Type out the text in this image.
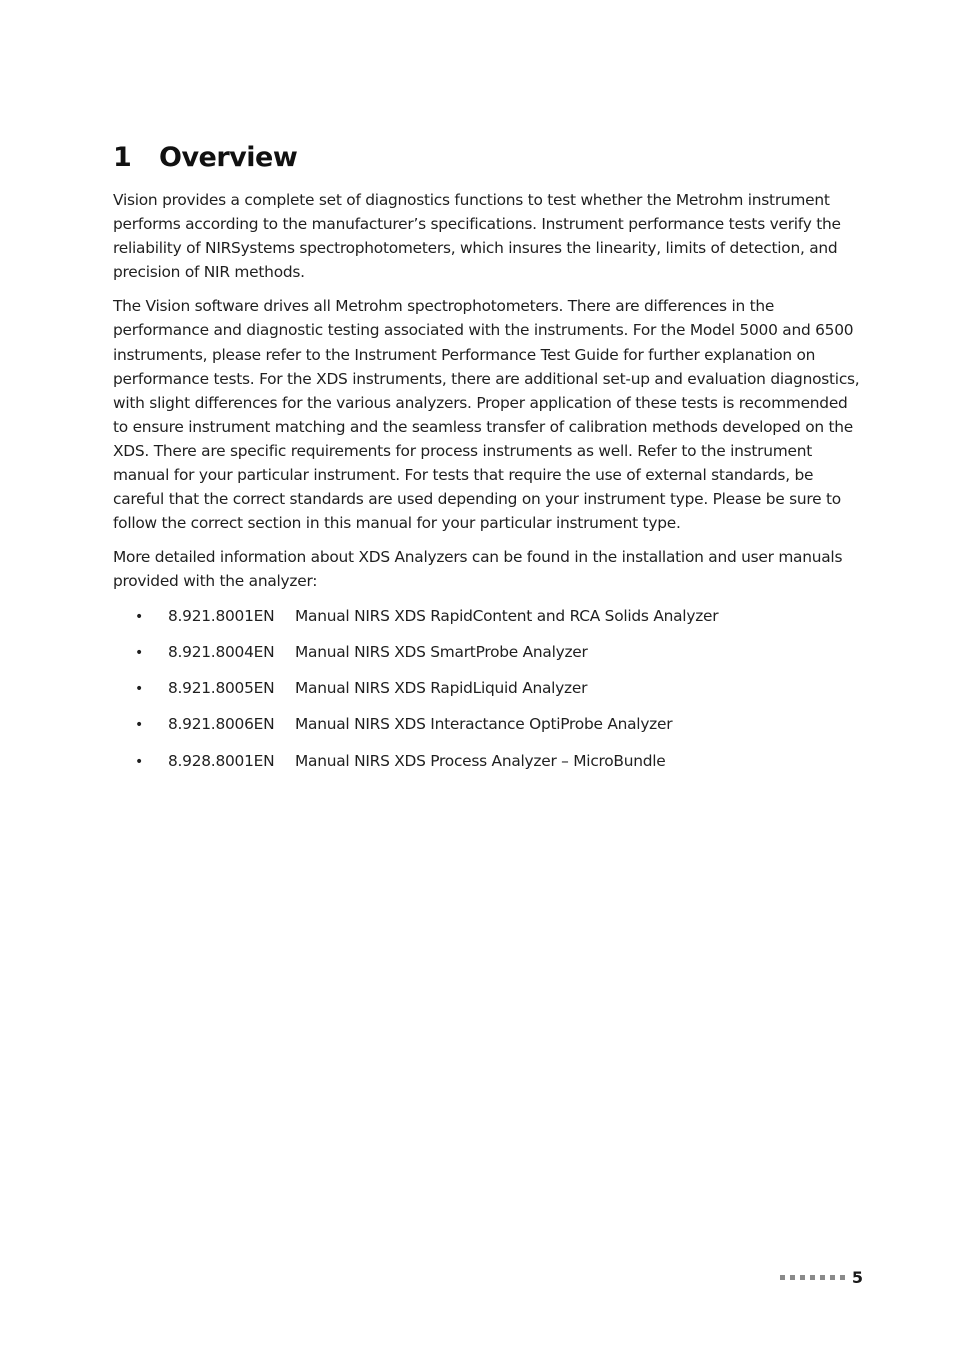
1	Overview

Vision provides a complete set of diagnostics functions to test whether the Metrohm instrument performs according to the manufacturer’s specifications. Instrument performance tests verify the reliability of NIRSystems spectrophotometers, which insures the linearity, limits of detection, and precision of NIR methods.

The Vision software drives all Metrohm spectrophotometers. There are differences in the performance and diagnostic testing associated with the instruments. For the Model 5000 and 6500 instruments, please refer to the Instrument Performance Test Guide for further explanation on performance tests. For the XDS instruments, there are additional set-up and evaluation diagnostics, with slight differences for the various analyzers. Proper application of these tests is recommended to ensure instrument matching and the seamless transfer of calibration methods developed on the XDS. There are specific requirements for process instruments as well. Refer to the instrument manual for your particular instrument. For tests that require the use of external standards, be careful that the correct standards are used depending on your instrument type. Please be sure to follow the correct section in this manual for your particular instrument type.

More detailed information about XDS Analyzers can be found in the installation and user manuals provided with the analyzer:

•	8.921.8001EN	Manual NIRS XDS RapidContent and RCA Solids Analyzer
•	8.921.8004EN	Manual NIRS XDS SmartProbe Analyzer
•	8.921.8005EN	Manual NIRS XDS RapidLiquid Analyzer
•	8.921.8006EN	Manual NIRS XDS Interactance OptiProbe Analyzer
•	8.928.8001EN	Manual NIRS XDS Process Analyzer – MicroBundle
5
